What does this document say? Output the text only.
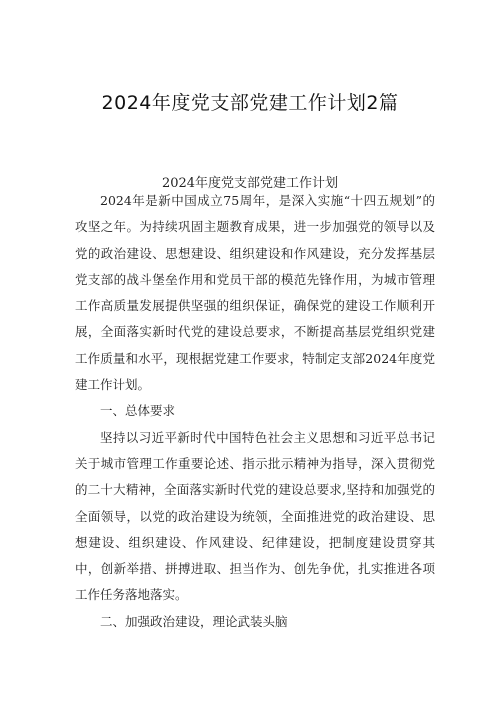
2024年度党支部党建工作计划2篇
2024年度党支部党建工作计划

2024年是新中国成立75周年，是深入实施“十四五规划”的攻坚之年。为持续巩固主题教育成果，进一步加强党的领导以及党的政治建设、思想建设、组织建设和作风建设，充分发挥基层党支部的战斗堡垒作用和党员干部的模范先锋作用，为城市管理工作高质量发展提供坚强的组织保证，确保党的建设工作顺利开展，全面落实新时代党的建设总要求，不断提高基层党组织党建工作质量和水平，现根据党建工作要求，特制定支部2024年度党建工作计划。

一、总体要求

坚持以习近平新时代中国特色社会主义思想和习近平总书记关于城市管理工作重要论述、指示批示精神为指导，深入贯彻党的二十大精神，全面落实新时代党的建设总要求,坚持和加强党的全面领导，以党的政治建设为统领，全面推进党的政治建设、思想建设、组织建设、作风建设、纪律建设，把制度建设贯穿其中，创新举措、拼搏进取、担当作为、创先争优，扎实推进各项工作任务落地落实。

二、加强政治建设，理论武装头脑
